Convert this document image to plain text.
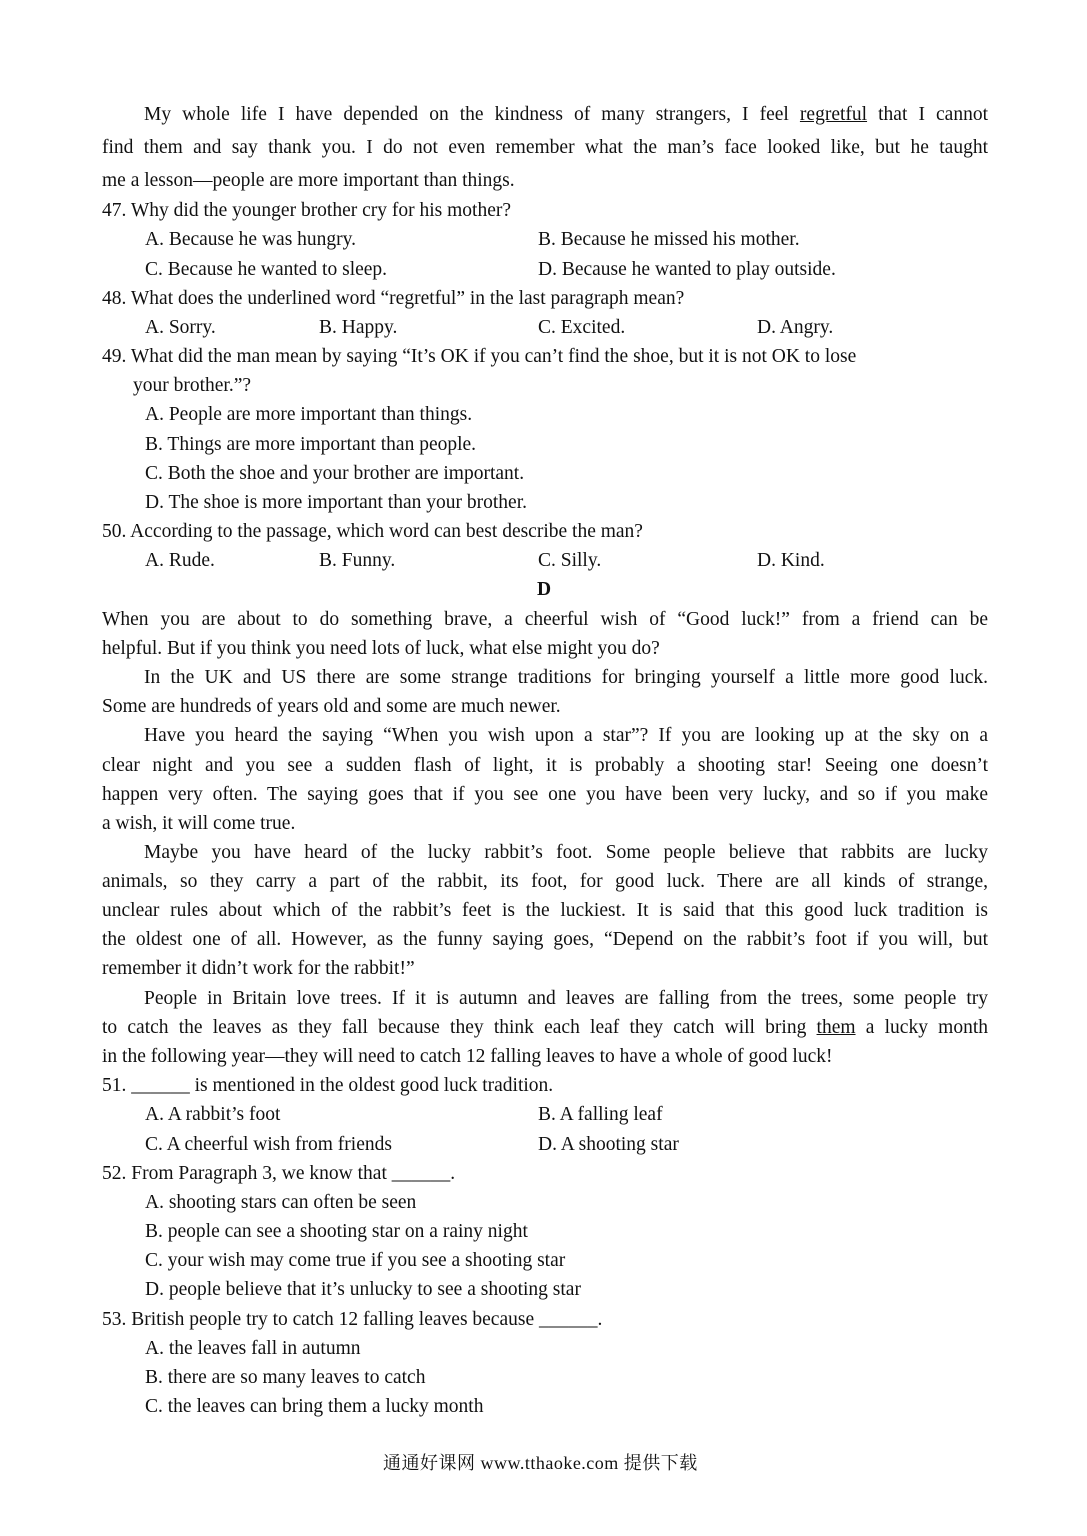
My whole life I have depended on the kindness of many strangers, I feel regretful that I cannot
find them and say thank you. I do not even remember what the man’s face looked like, but he taught
me a lesson—people are more important than things.
47. Why did the younger brother cry for his mother?
A. Because he was hungry.	B. Because he missed his mother.
C. Because he wanted to sleep.	D. Because he wanted to play outside.
48. What does the underlined word “regretful” in the last paragraph mean?
A. Sorry.	B. Happy.	C. Excited.	D. Angry.
49. What did the man mean by saying “It’s OK if you can’t find the shoe, but it is not OK to lose
your brother.”?
A. People are more important than things.
B. Things are more important than people.
C. Both the shoe and your brother are important.
D. The shoe is more important than your brother.
50. According to the passage, which word can best describe the man?
A. Rude.	B. Funny.	C. Silly.	D. Kind.
D
When you are about to do something brave, a cheerful wish of “Good luck!” from a friend can be
helpful. But if you think you need lots of luck, what else might you do?
In the UK and US there are some strange traditions for bringing yourself a little more good luck.
Some are hundreds of years old and some are much newer.
Have you heard the saying “When you wish upon a star”? If you are looking up at the sky on a
clear night and you see a sudden flash of light, it is probably a shooting star! Seeing one doesn’t
happen very often. The saying goes that if you see one you have been very lucky, and so if you make
a wish, it will come true.
Maybe you have heard of the lucky rabbit’s foot. Some people believe that rabbits are lucky
animals, so they carry a part of the rabbit, its foot, for good luck. There are all kinds of strange,
unclear rules about which of the rabbit’s feet is the luckiest. It is said that this good luck tradition is
the oldest one of all. However, as the funny saying goes, “Depend on the rabbit’s foot if you will, but
remember it didn’t work for the rabbit!”
People in Britain love trees. If it is autumn and leaves are falling from the trees, some people try
to catch the leaves as they fall because they think each leaf they catch will bring them a lucky month
in the following year—they will need to catch 12 falling leaves to have a whole of good luck!
51. ______ is mentioned in the oldest good luck tradition.
A. A rabbit’s foot	B. A falling leaf
C. A cheerful wish from friends	D. A shooting star
52. From Paragraph 3, we know that ______.
A. shooting stars can often be seen
B. people can see a shooting star on a rainy night
C. your wish may come true if you see a shooting star
D. people believe that it’s unlucky to see a shooting star
53. British people try to catch 12 falling leaves because ______.
A. the leaves fall in autumn
B. there are so many leaves to catch
C. the leaves can bring them a lucky month
通通好课网 www.tthaoke.com 提供下载
